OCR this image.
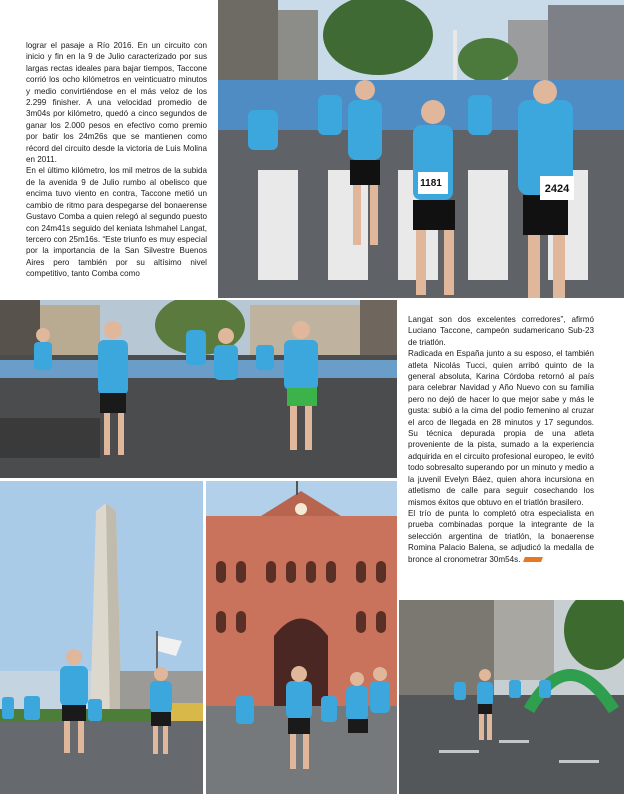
lograr el pasaje a Río 2016. En un circuito con inicio y fin en la 9 de Julio caracterizado por sus largas rectas ideales para bajar tiempos, Taccone corrió los ocho kilómetros en veinticuatro minutos y medio convirtiéndose en el más veloz de los 2.299 finisher. A una velocidad promedio de 3m04s por kilómetro, quedó a cinco segundos de ganar los 2.000 pesos en efectivo como premio por batir los 24m26s que se mantienen como récord del circuito desde la victoria de Luis Molina en 2011.

En el último kilómetro, los mil metros de la subida de la avenida 9 de Julio rumbo al obelisco que encima tuvo viento en contra, Taccone metió un cambio de ritmo para despegarse del bonaerense Gustavo Comba a quien relegó al segundo puesto con 24m41s seguido del keniata Ishmahel Langat, tercero con 25m16s. “Este triunfo es muy especial por la importancia de la San Silvestre Buenos Aires pero también por su altísimo nivel competitivo, tanto Comba como

1181	2424

Langat son dos excelentes corredores”, afirmó Luciano Taccone, campeón sudamericano Sub-23 de triatlón.

Radicada en España junto a su esposo, el también atleta Nicolás Tucci, quien arribó quinto de la general absoluta, Karina Córdoba retornó al país para celebrar Navidad y Año Nuevo con su familia pero no dejó de hacer lo que mejor sabe y más le gusta: subió a la cima del podio femenino al cruzar el arco de llegada en 28 minutos y 17 segundos. Su técnica depurada propia de una atleta proveniente de la pista, sumado a la experiencia adquirida en el circuito profesional europeo, le evitó todo sobresalto superando por un minuto y medio a la juvenil Evelyn Báez, quien ahora incursiona en atletismo de calle para seguir cosechando los mismos éxitos que obtuvo en el triatlón brasilero.

El trío de punta lo completó otra especialista en prueba combinadas porque la integrante de la selección argentina de triatlón, la bonaerense Romina Palacio Balena, se adjudicó la medalla de bronce al cronometrar 30m54s.
